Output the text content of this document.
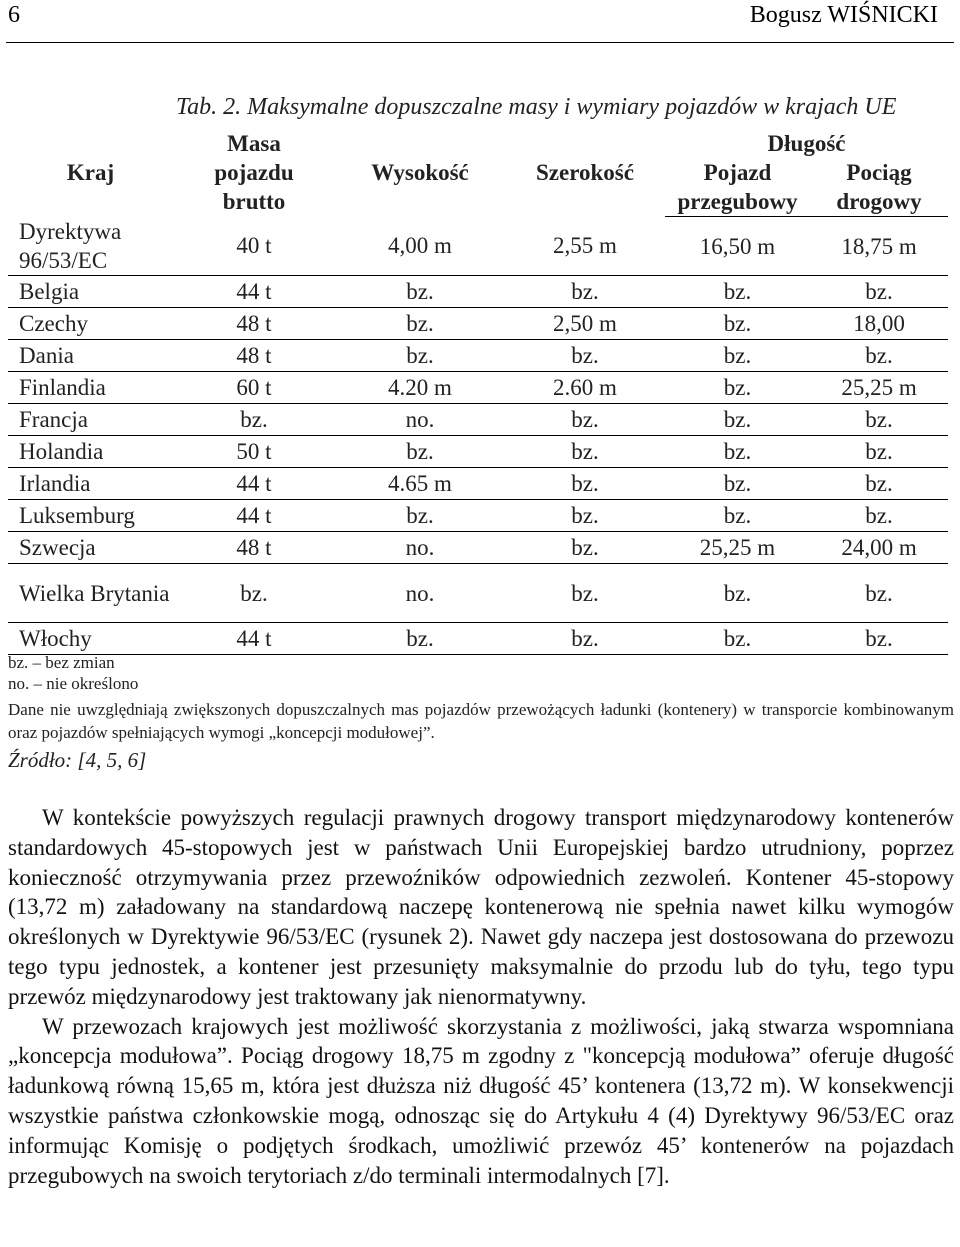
6	Bogusz WIŚNICKI
Tab. 2. Maksymalne dopuszczalne masy i wymiary pojazdów w krajach UE
Kraj	Masa pojazdu brutto	Wysokość	Szerokość	Długość	
				Pojazd przegubowy	Pociąg drogowy
Dyrektywa 96/53/EC	40 t	4,00 m	2,55 m	16,50 m	18,75 m
Belgia	44 t	bz.	bz.	bz.	bz.
Czechy	48 t	bz.	2,50 m	bz.	18,00
Dania	48 t	bz.	bz.	bz.	bz.
Finlandia	60 t	4.20 m	2.60 m	bz.	25,25 m
Francja	bz.	no.	bz.	bz.	bz.
Holandia	50 t	bz.	bz.	bz.	bz.
Irlandia	44 t	4.65 m	bz.	bz.	bz.
Luksemburg	44 t	bz.	bz.	bz.	bz.
Szwecja	48 t	no.	bz.	25,25 m	24,00 m
Wielka Brytania	bz.	no.	bz.	bz.	bz.
Włochy	44 t	bz.	bz.	bz.	bz.
bz. – bez zmian
no. – nie określono
Dane nie uwzględniają zwiększonych dopuszczalnych mas pojazdów przewożących ładunki (kontenery) w transporcie kombinowanym oraz pojazdów spełniających wymogi „koncepcji modułowej”.
Źródło: [4, 5, 6]

W kontekście powyższych regulacji prawnych drogowy transport międzynarodowy kontenerów standardowych 45-stopowych jest w państwach Unii Europejskiej bardzo utrudniony, poprzez konieczność otrzymywania przez przewoźników odpowiednich zezwoleń. Kontener 45-stopowy (13,72 m) załadowany na standardową naczepę kontenerową nie spełnia nawet kilku wymogów określonych w Dyrektywie 96/53/EC (rysunek 2). Nawet gdy naczepa jest dostosowana do przewozu tego typu jednostek, a kontener jest przesunięty maksymalnie do przodu lub do tyłu, tego typu przewóz międzynarodowy jest traktowany jak nienormatywny.

W przewozach krajowych jest możliwość skorzystania z możliwości, jaką stwarza wspomniana „koncepcja modułowa”. Pociąg drogowy 18,75 m zgodny z "koncepcją modułowa” oferuje długość ładunkową równą 15,65 m, która jest dłuższa niż długość 45’ kontenera (13,72 m). W konsekwencji wszystkie państwa członkowskie mogą, odnosząc się do Artykułu 4 (4) Dyrektywy 96/53/EC oraz informując Komisję o podjętych środkach, umożliwić przewóz 45’ kontenerów na pojazdach przegubowych na swoich terytoriach z/do terminali intermodalnych [7].
